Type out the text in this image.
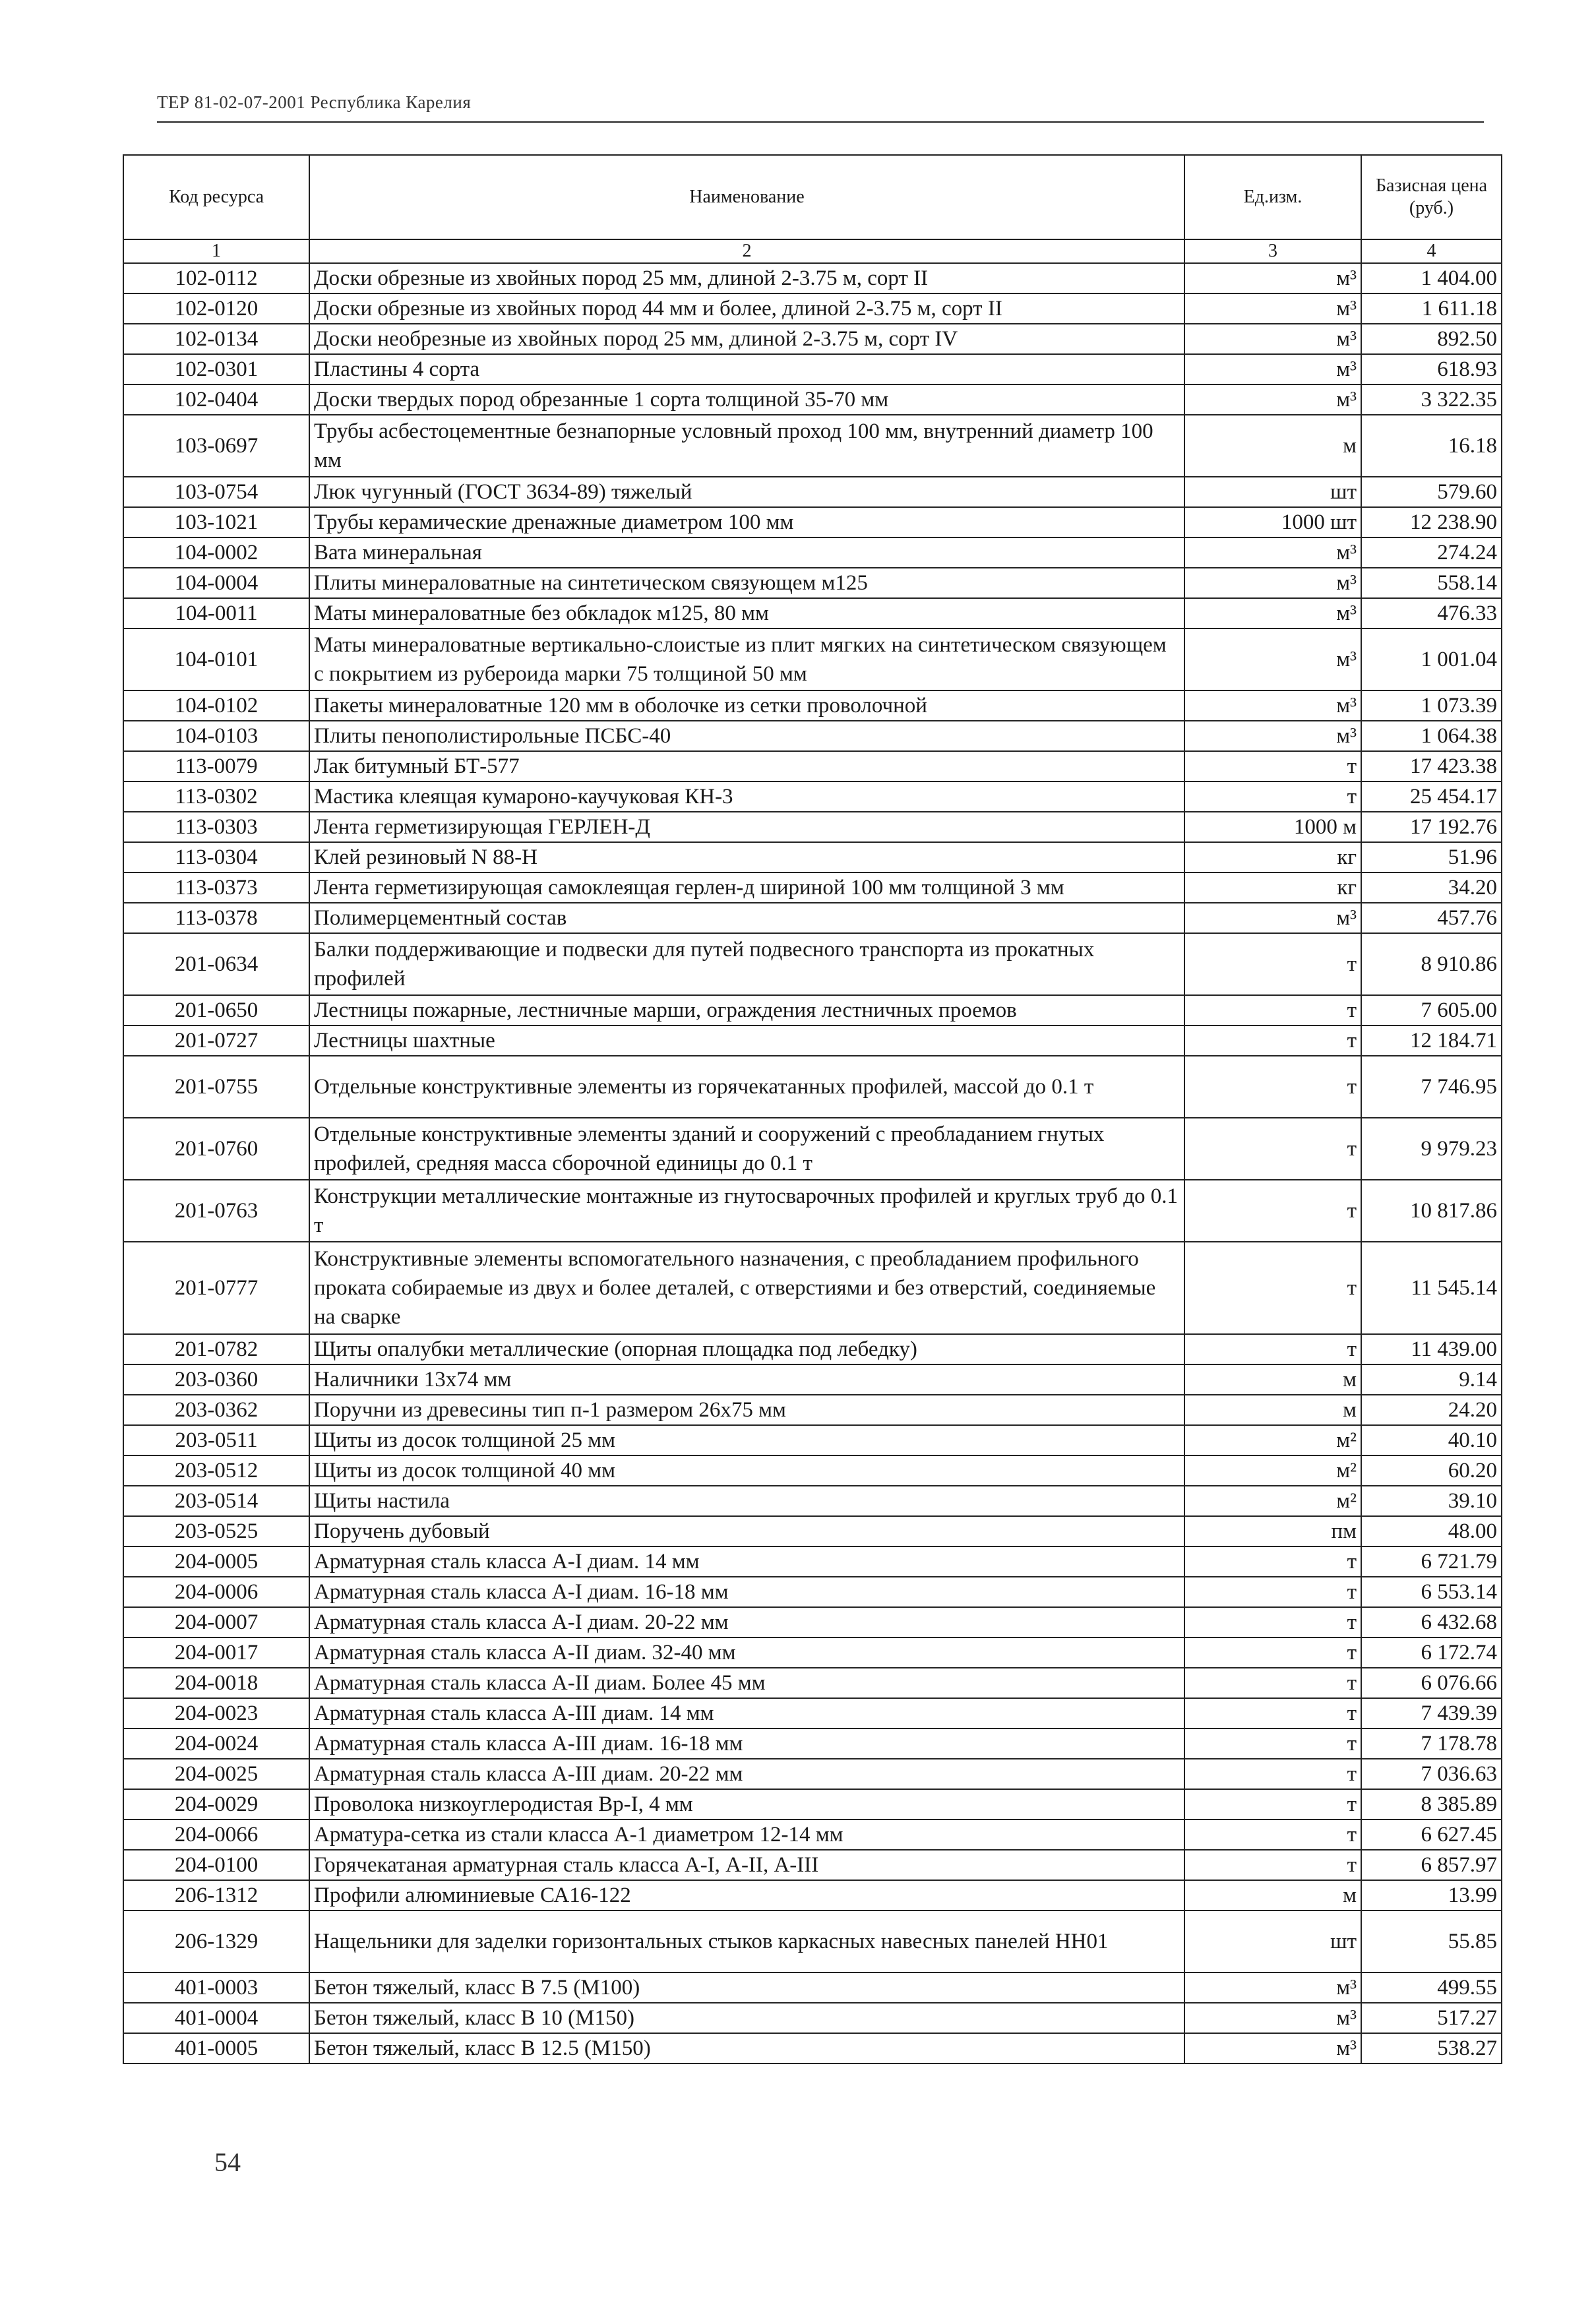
ТЕР 81-02-07-2001 Республика Карелия
Код ресурса	Наименование	Ед.изм.	Базисная цена (руб.)
1	2	3	4
102-0112	Доски обрезные из хвойных пород 25 мм, длиной 2-3.75 м, сорт II	м³	1 404.00
102-0120	Доски обрезные из хвойных пород 44 мм и более, длиной 2-3.75 м, сорт II	м³	1 611.18
102-0134	Доски необрезные из хвойных пород 25 мм, длиной 2-3.75 м, сорт IV	м³	892.50
102-0301	Пластины 4 сорта	м³	618.93
102-0404	Доски твердых пород обрезанные 1 сорта толщиной 35-70 мм	м³	3 322.35
103-0697	Трубы асбестоцементные безнапорные условный проход 100 мм, внутренний диаметр 100 мм	м	16.18
103-0754	Люк чугунный (ГОСТ 3634-89) тяжелый	шт	579.60
103-1021	Трубы керамические дренажные диаметром 100 мм	1000 шт	12 238.90
104-0002	Вата минеральная	м³	274.24
104-0004	Плиты минераловатные на синтетическом связующем м125	м³	558.14
104-0011	Маты минераловатные без обкладок м125, 80 мм	м³	476.33
104-0101	Маты минераловатные вертикально-слоистые из плит мягких на синтетическом связующем с покрытием из рубероида марки 75 толщиной 50 мм	м³	1 001.04
104-0102	Пакеты минераловатные 120 мм в оболочке из сетки проволочной	м³	1 073.39
104-0103	Плиты пенополистирольные ПСБС-40	м³	1 064.38
113-0079	Лак битумный БТ-577	т	17 423.38
113-0302	Мастика клеящая кумароно-каучуковая КН-3	т	25 454.17
113-0303	Лента герметизирующая ГЕРЛЕН-Д	1000 м	17 192.76
113-0304	Клей резиновый N 88-Н	кг	51.96
113-0373	Лента герметизирующая самоклеящая герлен-д шириной 100 мм толщиной 3 мм	кг	34.20
113-0378	Полимерцементный состав	м³	457.76
201-0634	Балки поддерживающие и подвески для путей подвесного транспорта из прокатных профилей	т	8 910.86
201-0650	Лестницы пожарные, лестничные марши, ограждения лестничных проемов	т	7 605.00
201-0727	Лестницы шахтные	т	12 184.71
201-0755	Отдельные конструктивные элементы из горячекатанных профилей, массой до 0.1 т	т	7 746.95
201-0760	Отдельные конструктивные элементы зданий и сооружений с преобладанием гнутых профилей, средняя масса сборочной единицы до 0.1 т	т	9 979.23
201-0763	Конструкции металлические монтажные из гнутосварочных профилей и круглых труб до 0.1 т	т	10 817.86
201-0777	Конструктивные элементы вспомогательного назначения, с преобладанием профильного проката собираемые из двух и более деталей, с отверстиями и без отверстий, соединяемые на сварке	т	11 545.14
201-0782	Щиты опалубки металлические (опорная площадка под лебедку)	т	11 439.00
203-0360	Наличники 13х74 мм	м	9.14
203-0362	Поручни из древесины тип п-1 размером 26х75 мм	м	24.20
203-0511	Щиты из досок толщиной 25 мм	м²	40.10
203-0512	Щиты из досок толщиной 40 мм	м²	60.20
203-0514	Щиты настила	м²	39.10
203-0525	Поручень дубовый	пм	48.00
204-0005	Арматурная сталь класса А-I диам. 14 мм	т	6 721.79
204-0006	Арматурная сталь класса А-I диам. 16-18 мм	т	6 553.14
204-0007	Арматурная сталь класса А-I диам. 20-22 мм	т	6 432.68
204-0017	Арматурная сталь класса А-II диам. 32-40 мм	т	6 172.74
204-0018	Арматурная сталь класса А-II диам. Более 45 мм	т	6 076.66
204-0023	Арматурная сталь класса А-III диам. 14 мм	т	7 439.39
204-0024	Арматурная сталь класса А-III диам. 16-18 мм	т	7 178.78
204-0025	Арматурная сталь класса А-III диам. 20-22 мм	т	7 036.63
204-0029	Проволока низкоуглеродистая Вр-I, 4 мм	т	8 385.89
204-0066	Арматура-сетка из стали класса А-1 диаметром 12-14 мм	т	6 627.45
204-0100	Горячекатаная арматурная сталь класса А-I, А-II, А-III	т	6 857.97
206-1312	Профили алюминиевые СА16-122	м	13.99
206-1329	Нащельники для заделки горизонтальных стыков каркасных навесных панелей НН01	шт	55.85
401-0003	Бетон тяжелый, класс В 7.5 (М100)	м³	499.55
401-0004	Бетон тяжелый, класс В 10 (М150)	м³	517.27
401-0005	Бетон тяжелый, класс В 12.5 (М150)	м³	538.27
54
